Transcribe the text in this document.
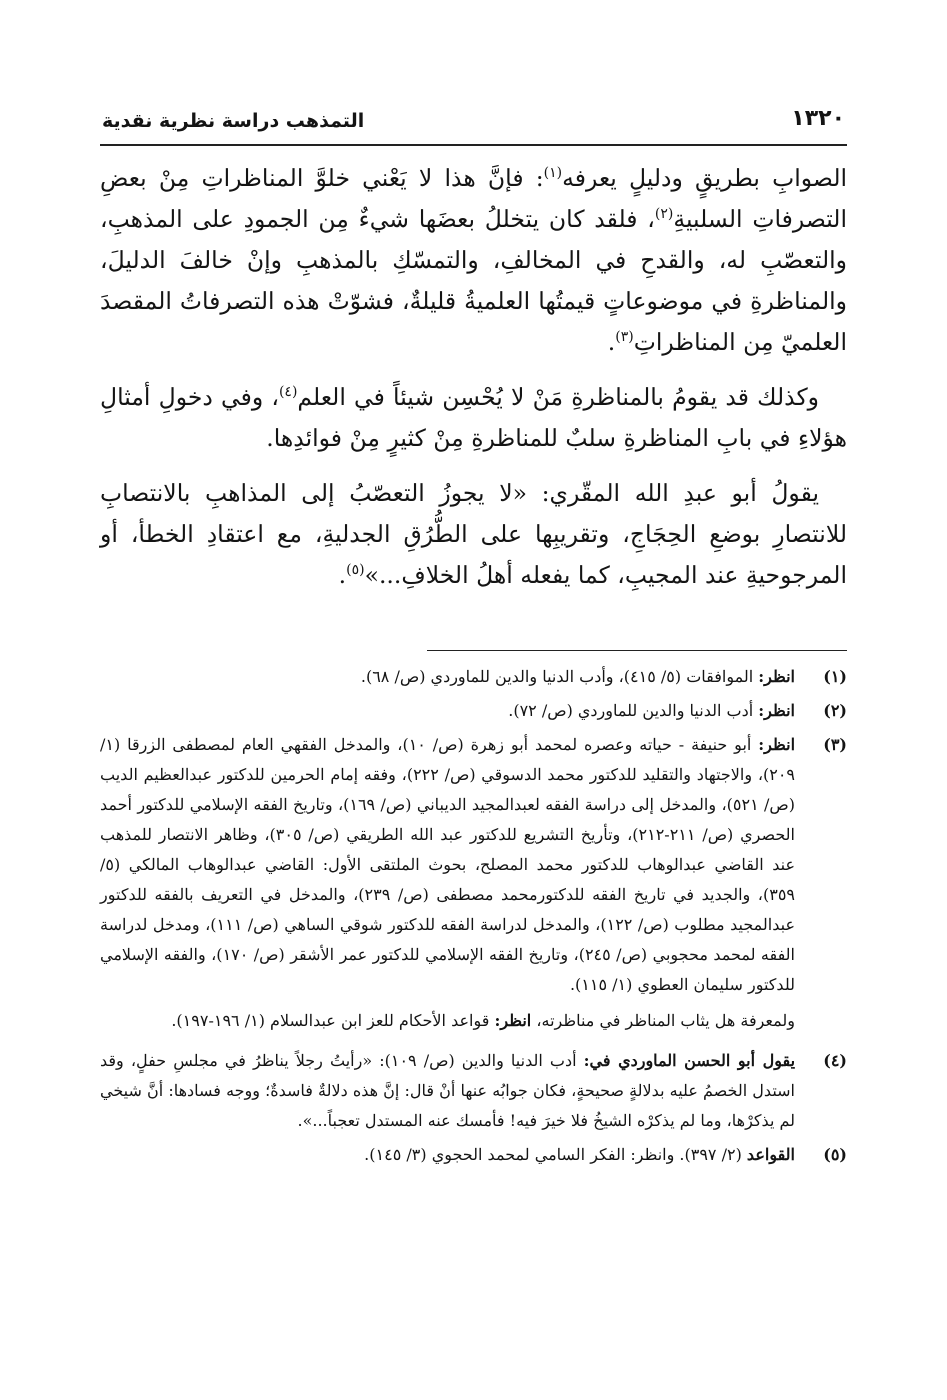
١٣٢٠
التمذهب دراسة نظرية نقدية

الصوابِ بطريقٍ ودليلٍ يعرفه$^{(١)}$: فإنَّ هذا لا يَعْني خلوَّ المناظراتِ مِنْ بعضِ التصرفاتِ السلبيةِ$^{(٢)}$، فلقد كان يتخللُ بعضَها شيءٌ مِن الجمودِ على المذهبِ، والتعصّبِ له، والقدحِ في المخالفِ، والتمسّكِ بالمذهبِ وإنْ خالفَ الدليلَ، والمناظرةِ في موضوعاتٍ قيمتُها العلميةُ قليلةٌ، فشوّتْ هذه التصرفاتُ المقصدَ العلميّ مِن المناظراتِ$^{(٣)}$.

وكذلك قد يقومُ بالمناظرةِ مَنْ لا يُحْسِن شيئاً في العلم$^{(٤)}$، وفي دخولِ أمثالِ هؤلاءِ في بابِ المناظرةِ سلبٌ للمناظرةِ مِنْ كثيرٍ مِنْ فوائدِها.

يقولُ أبو عبدِ الله المقّري: «لا يجوزُ التعصّبُ إلى المذاهبِ بالانتصابِ للانتصارِ بوضعِ الحِجَاجِ، وتقريبِها على الطُّرُقِ الجدليةِ، مع اعتقادِ الخطأ، أو المرجوحيةِ عند المجيبِ، كما يفعله أهلُ الخلافِ...»$^{(٥)}$.

(١)
انظر: الموافقات (٥/ ٤١٥)، وأدب الدنيا والدين للماوردي (ص/ ٦٨).
(٢)
انظر: أدب الدنيا والدين للماوردي (ص/ ٧٢).
(٣)
انظر: أبو حنيفة - حياته وعصره لمحمد أبو زهرة (ص/ ١٠)، والمدخل الفقهي العام لمصطفى الزرقا (١/ ٢٠٩)، والاجتهاد والتقليد للدكتور محمد الدسوقي (ص/ ٢٢٢)، وفقه إمام الحرمين للدكتور عبدالعظيم الديب (ص/ ٥٢١)، والمدخل إلى دراسة الفقه لعبدالمجيد الديباني (ص/ ١٦٩)، وتاريخ الفقه الإسلامي للدكتور أحمد الحصري (ص/ ٢١١-٢١٢)، وتأريخ التشريع للدكتور عبد الله الطريقي (ص/ ٣٠٥)، وظاهر الانتصار للمذهب عند القاضي عبدالوهاب للدكتور محمد المصلح، بحوث الملتقى الأول: القاضي عبدالوهاب المالكي (٥/ ٣٥٩)، والجديد في تاريخ الفقه للدكتورمحمد مصطفى (ص/ ٢٣٩)، والمدخل في التعريف بالفقه للدكتور عبدالمجيد مطلوب (ص/ ١٢٢)، والمدخل لدراسة الفقه للدكتور شوقي الساهي (ص/ ١١١)، ومدخل لدراسة الفقه لمحمد محجوبي (ص/ ٢٤٥)، وتاريخ الفقه الإسلامي للدكتور عمر الأشقر (ص/ ١٧٠)، والفقه الإسلامي للدكتور سليمان العطوي (١/ ١١٥).
ولمعرفة هل يثاب المناظر في مناظرته، انظر: قواعد الأحكام للعز ابن عبدالسلام (١/ ١٩٦-١٩٧).
(٤)
يقول أبو الحسن الماوردي في: أدب الدنيا والدين (ص/ ١٠٩): «رأيتُ رجلاً يناظرُ في مجلسِ حفلٍ، وقد استدل الخصمُ عليه بدلالةٍ صحيحةٍ، فكان جوابُه عنها أنْ قال: إنَّ هذه دلالةٌ فاسدةٌ؛ ووجه فسادها: أنَّ شيخي لم يذكرْها، وما لم يذكرْه الشيخُ فلا خيرَ فيه! فأمسك عنه المستدل تعجباً...».
(٥)
القواعد (٢/ ٣٩٧). وانظر: الفكر السامي لمحمد الحجوي (٣/ ١٤٥).
